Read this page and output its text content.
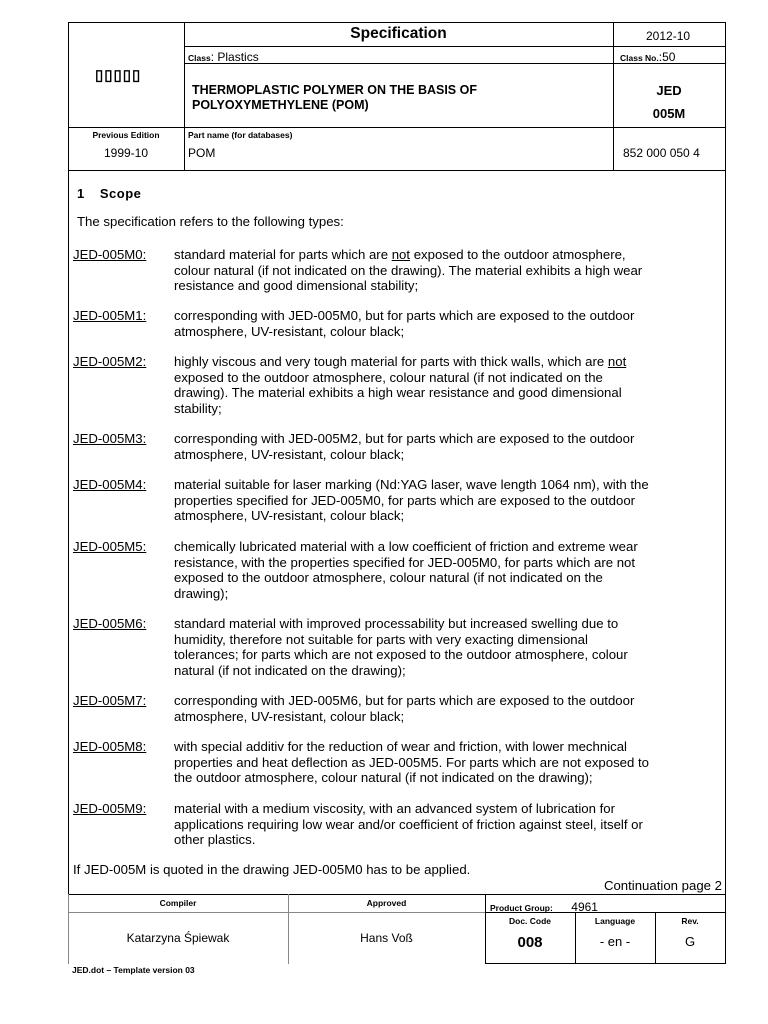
▯▯▯▯▯
Specification	2012-10
Class: Plastics	Class No.:50
THERMOPLASTIC POLYMER ON THE BASIS OF
POLYOXYMETHYLENE (POM)
JED
005M
Previous Edition
1999-10
Part name (for databases)
POM	852 000 050 4
1 Scope
The specification refers to the following types:
JED-005M0: standard material for parts which are not exposed to the outdoor atmosphere,
colour natural (if not indicated on the drawing). The material exhibits a high wear
resistance and good dimensional stability;
JED-005M1: corresponding with JED-005M0, but for parts which are exposed to the outdoor
atmosphere, UV-resistant, colour black;
JED-005M2: highly viscous and very tough material for parts with thick walls, which are not
exposed to the outdoor atmosphere, colour natural (if not indicated on the
drawing). The material exhibits a high wear resistance and good dimensional
stability;
JED-005M3: corresponding with JED-005M2, but for parts which are exposed to the outdoor
atmosphere, UV-resistant, colour black;
JED-005M4: material suitable for laser marking (Nd:YAG laser, wave length 1064 nm), with the
properties specified for JED-005M0, for parts which are exposed to the outdoor
atmosphere, UV-resistant, colour black;
JED-005M5: chemically lubricated material with a low coefficient of friction and extreme wear
resistance, with the properties specified for JED-005M0, for parts which are not
exposed to the outdoor atmosphere, colour natural (if not indicated on the
drawing);
JED-005M6: standard material with improved processability but increased swelling due to
humidity, therefore not suitable for parts with very exacting dimensional
tolerances; for parts which are not exposed to the outdoor atmosphere, colour
natural (if not indicated on the drawing);
JED-005M7: corresponding with JED-005M6, but for parts which are exposed to the outdoor
atmosphere, UV-resistant, colour black;
JED-005M8: with special additiv for the reduction of wear and friction, with lower mechnical
properties and heat deflection as JED-005M5. For parts which are not exposed to
the outdoor atmosphere, colour natural (if not indicated on the drawing);
JED-005M9: material with a medium viscosity, with an advanced system of lubrication for
applications requiring low wear and/or coefficient of friction against steel, itself or
other plastics.
If JED-005M is quoted in the drawing JED-005M0 has to be applied.
Continuation page 2
Compiler
Katarzyna Śpiewak
Approved
Hans Voß
Product Group: 4961
Doc. Code
008
Language
- en -
Rev.
G
JED.dot – Template version 03
